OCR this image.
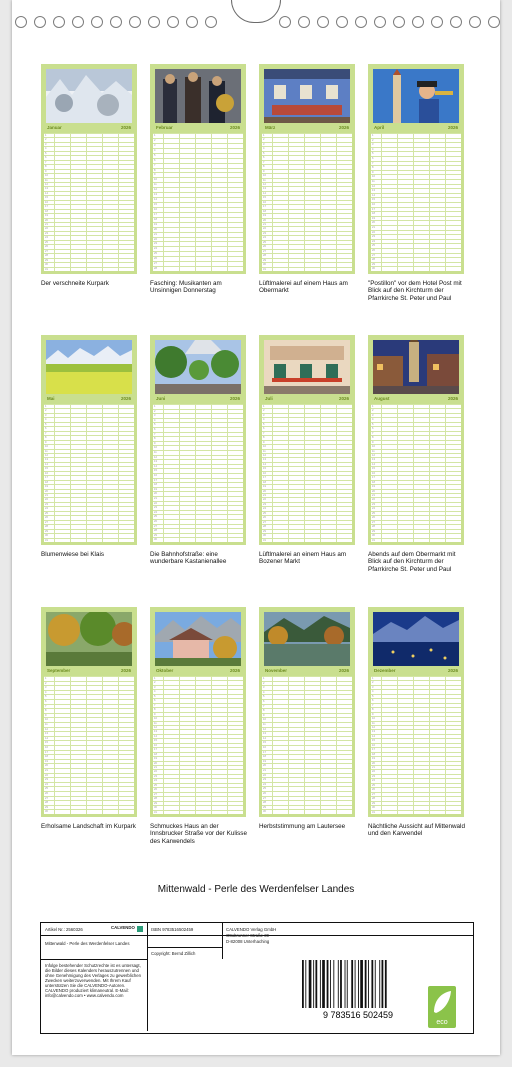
Januar	2026
1
2
3
4
5
6
7
8
9
10
11
12
13
14
15
16
17
18
19
20
21
22
23
24
25
26
27
28
29
30
31
Der verschneite Kurpark
Februar	2026
1
2
3
4
5
6
7
8
9
10
11
12
13
14
15
16
17
18
19
20
21
22
23
24
25
26
27
28
Fasching: Musikanten am Unsinnigen Donnerstag
März	2026
1
2
3
4
5
6
7
8
9
10
11
12
13
14
15
16
17
18
19
20
21
22
23
24
25
26
27
28
29
30
31
Lüftlmalerei auf einem Haus am Obermarkt
April	2026
1
2
3
4
5
6
7
8
9
10
11
12
13
14
15
16
17
18
19
20
21
22
23
24
25
26
27
28
29
30
"Postillon" vor dem Hotel Post mit Blick auf den Kirchturm der Pfarrkirche St. Peter und Paul
Mai	2026
1
2
3
4
5
6
7
8
9
10
11
12
13
14
15
16
17
18
19
20
21
22
23
24
25
26
27
28
29
30
31
Blumenwiese bei Klais
Juni	2026
1
2
3
4
5
6
7
8
9
10
11
12
13
14
15
16
17
18
19
20
21
22
23
24
25
26
27
28
29
30
Die Bahnhofstraße: eine wunderbare Kastanienallee
Juli	2026
1
2
3
4
5
6
7
8
9
10
11
12
13
14
15
16
17
18
19
20
21
22
23
24
25
26
27
28
29
30
31
Lüftlmalerei an einem Haus am Bozener Markt
August	2026
1
2
3
4
5
6
7
8
9
10
11
12
13
14
15
16
17
18
19
20
21
22
23
24
25
26
27
28
29
30
31
Abends auf dem Obermarkt mit Blick auf den Kirchturm der Pfarrkirche St. Peter und Paul
September	2026
1
2
3
4
5
6
7
8
9
10
11
12
13
14
15
16
17
18
19
20
21
22
23
24
25
26
27
28
29
30
Erholsame Landschaft im Kurpark
Oktober	2026
1
2
3
4
5
6
7
8
9
10
11
12
13
14
15
16
17
18
19
20
21
22
23
24
25
26
27
28
29
30
31
Schmuckes Haus an der Innsbrucker Straße vor der Kulisse des Karwendels
November	2026
1
2
3
4
5
6
7
8
9
10
11
12
13
14
15
16
17
18
19
20
21
22
23
24
25
26
27
28
29
30
Herbststimmung am Lautersee
Dezember	2026
1
2
3
4
5
6
7
8
9
10
11
12
13
14
15
16
17
18
19
20
21
22
23
24
25
26
27
28
29
30
31
Nächtliche Aussicht auf Mittenwald und den Karwendel
Mittenwald - Perle des Werdenfelser Landes
Artikel Nr.: 2560326	CALVENDO
Mittenwald - Perle des Werdenfelser Landes
Infolge bestehender Schutzrechte ist es untersagt, die Bilder dieses Kalenders herauszutrennen und ohne Genehmigung des Verlages zu gewerblichen Zwecken weiterzuverwenden. Mit Ihrem Kauf unterstützen Sie die CALVENDO-Autoren. CALVENDO produziert klimaneutral. E-Mail: info@calvendo.com • www.calvendo.com
ISBN 9783516502459
Copyright: Bernd Zillich
CALVENDO Verlag GmbH
Ottobrunner Straße 39
D-82008 Unterhaching
9 783516 502459
eco
